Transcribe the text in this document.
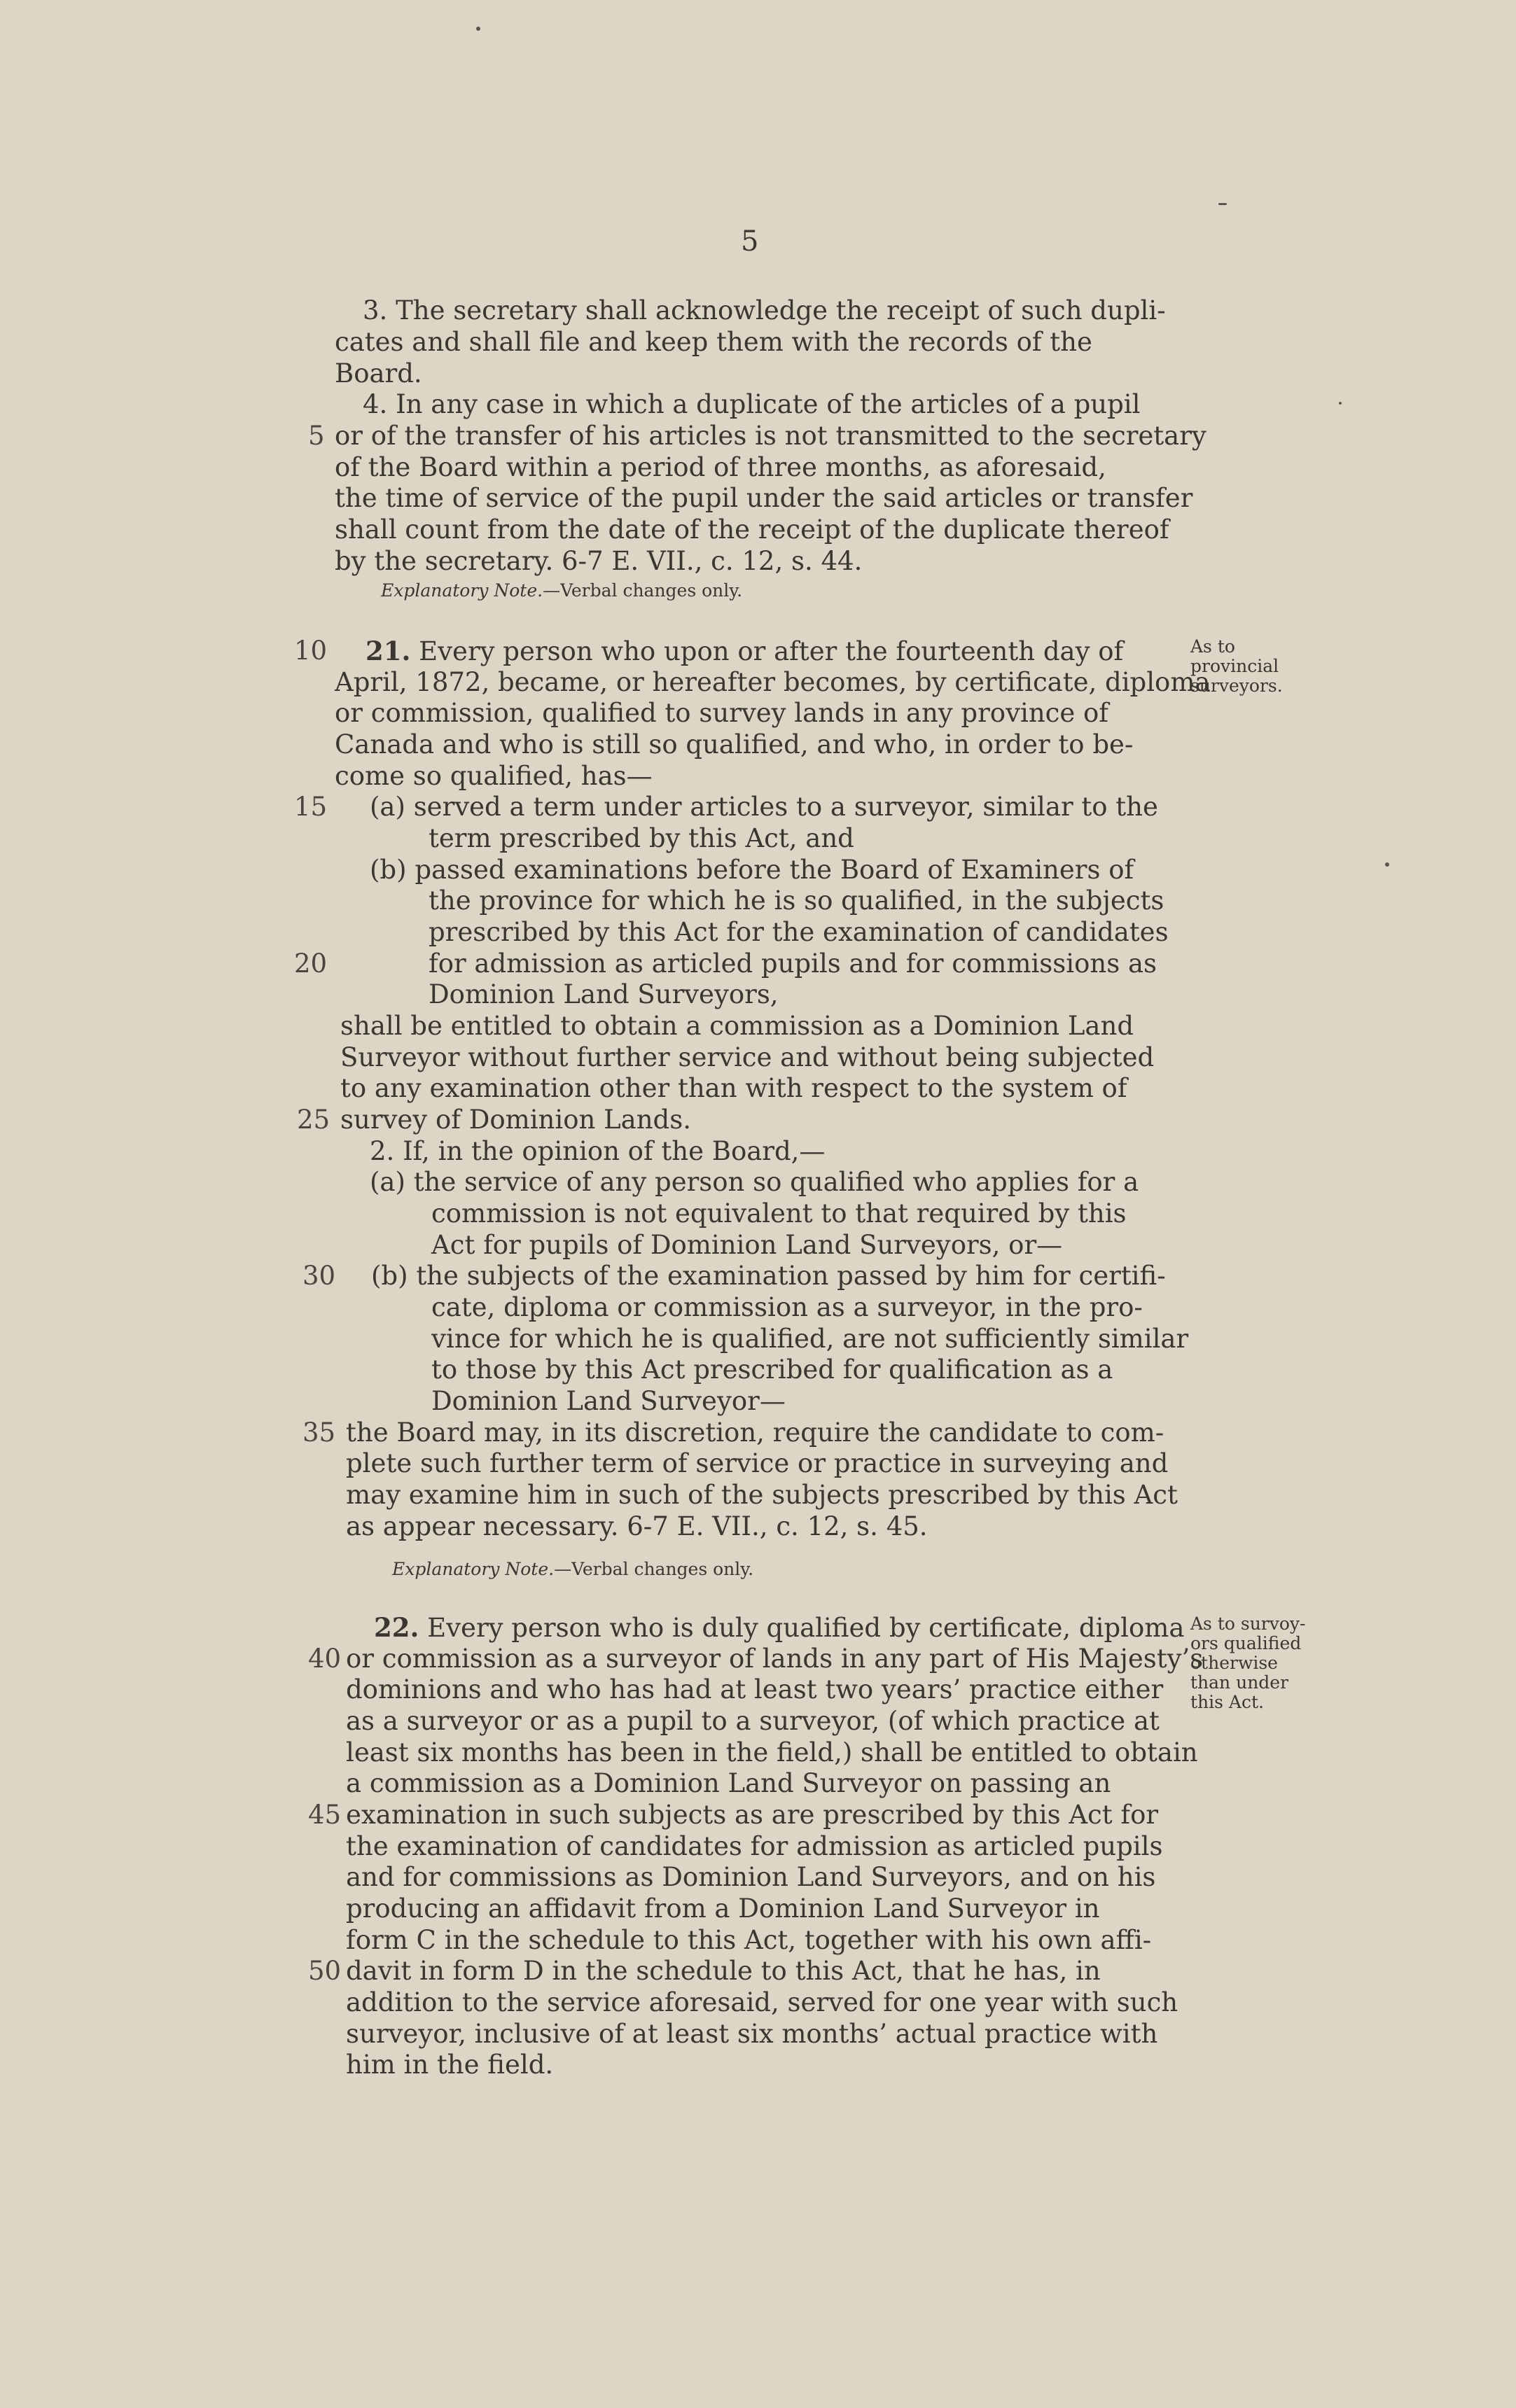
5
3. The secretary shall acknowledge the receipt of such dupli-
cates and shall file and keep them with the records of the
Board.
4. In any case in which a duplicate of the articles of a pupil
5 or of the transfer of his articles is not transmitted to the secretary
of the Board within a period of three months, as aforesaid,
the time of service of the pupil under the said articles or transfer
shall count from the date of the receipt of the duplicate thereof
by the secretary. 6-7 E. VII., c. 12, s. 44.
Explanatory Note.—Verbal changes only.
10 21. Every person who upon or after the fourteenth day of
April, 1872, became, or hereafter becomes, by certificate, diploma
or commission, qualified to survey lands in any province of
Canada and who is still so qualified, and who, in order to be-
come so qualified, has—
15 (a) served a term under articles to a surveyor, similar to the
term prescribed by this Act, and
(b) passed examinations before the Board of Examiners of
the province for which he is so qualified, in the subjects
prescribed by this Act for the examination of candidates
20	for admission as articled pupils and for commissions as
Dominion Land Surveyors,
shall be entitled to obtain a commission as a Dominion Land
Surveyor without further service and without being subjected
to any examination other than with respect to the system of
25 survey of Dominion Lands.
2. If, in the opinion of the Board,—
(a) the service of any person so qualified who applies for a
commission is not equivalent to that required by this
Act for pupils of Dominion Land Surveyors, or—
30 (b) the subjects of the examination passed by him for certifi-
cate, diploma or commission as a surveyor, in the pro-
vince for which he is qualified, are not sufficiently similar
to those by this Act prescribed for qualification as a
Dominion Land Surveyor—
35 the Board may, in its discretion, require the candidate to com-
plete such further term of service or practice in surveying and
may examine him in such of the subjects prescribed by this Act
as appear necessary. 6-7 E. VII., c. 12, s. 45.
Explanatory Note.—Verbal changes only.
As to
provincial
surveyors.
22. Every person who is duly qualified by certificate, diploma
40 or commission as a surveyor of lands in any part of His Majesty’s
dominions and who has had at least two years’ practice either
as a surveyor or as a pupil to a surveyor, (of which practice at
least six months has been in the field,) shall be entitled to obtain
a commission as a Dominion Land Surveyor on passing an
45 examination in such subjects as are prescribed by this Act for
the examination of candidates for admission as articled pupils
and for commissions as Dominion Land Surveyors, and on his
producing an affidavit from a Dominion Land Surveyor in
form C in the schedule to this Act, together with his own affi-
50 davit in form D in the schedule to this Act, that he has, in
addition to the service aforesaid, served for one year with such
surveyor, inclusive of at least six months’ actual practice with
him in the field.
As to survoy-
ors qualified
otherwise
than under
this Act.
